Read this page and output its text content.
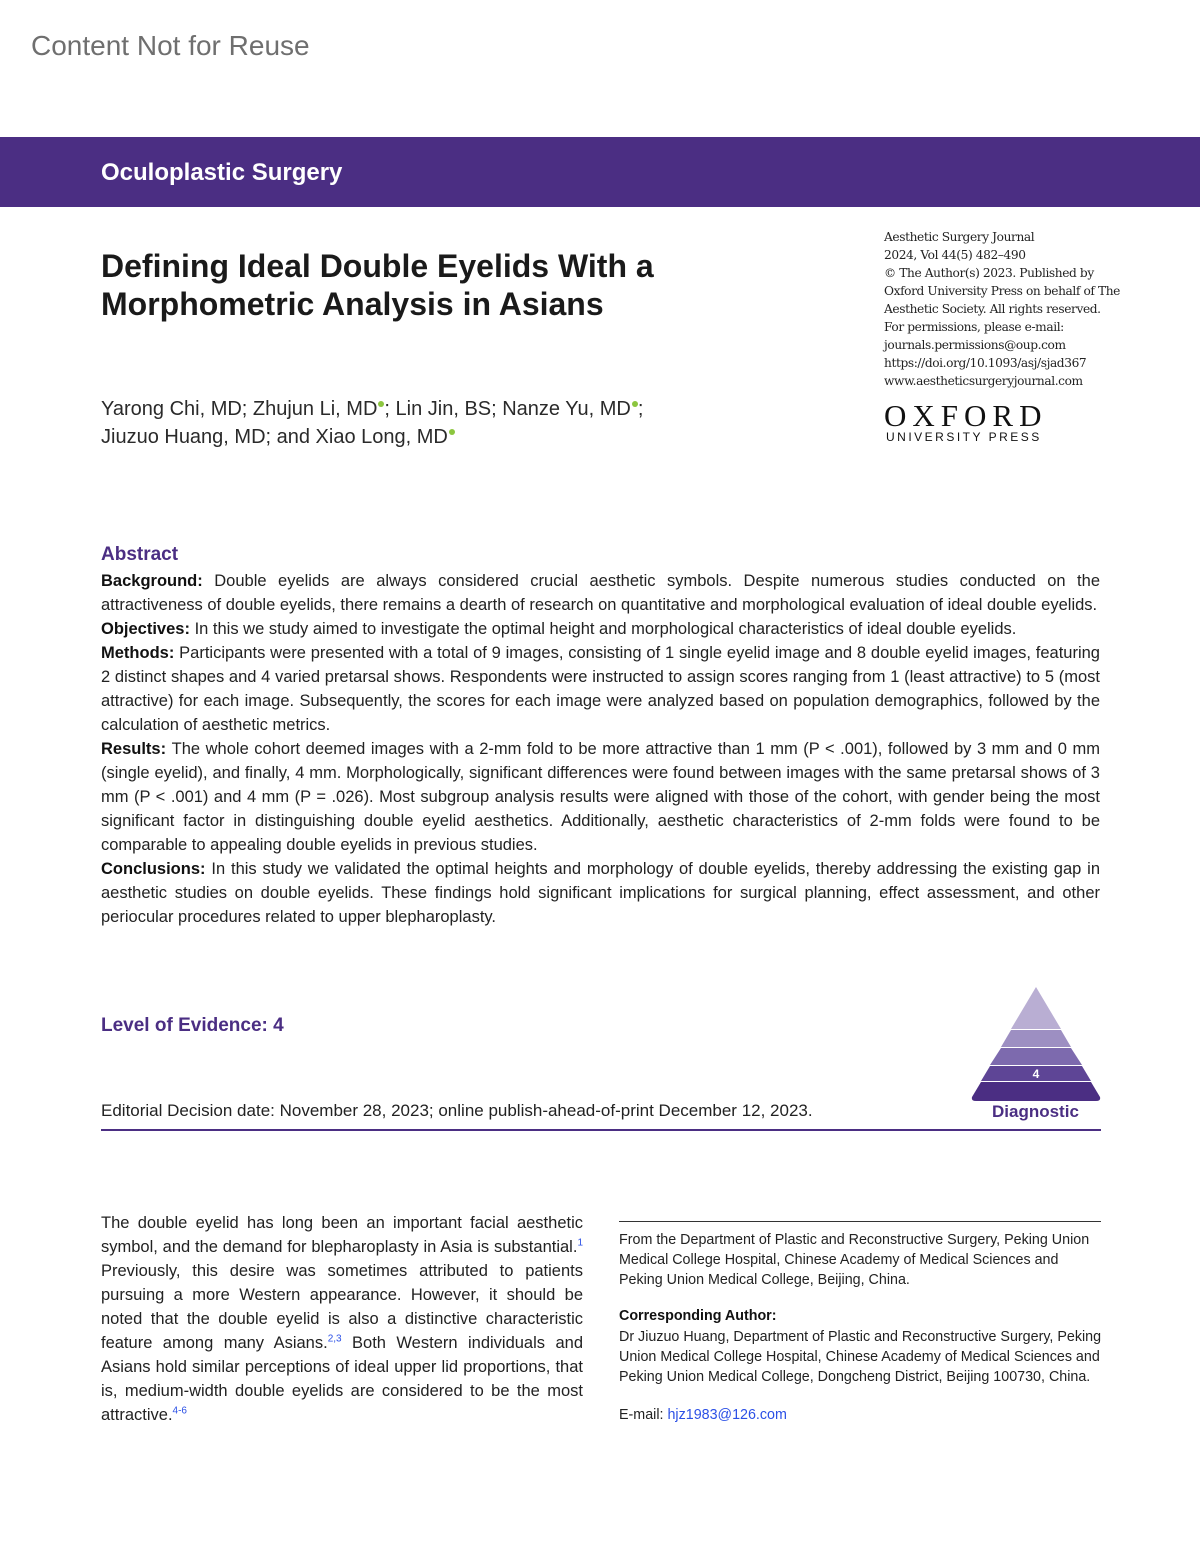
Content Not for Reuse
Oculoplastic Surgery
Defining Ideal Double Eyelids With a Morphometric Analysis in Asians
Aesthetic Surgery Journal
2024, Vol 44(5) 482–490
© The Author(s) 2023. Published by
Oxford University Press on behalf of The
Aesthetic Society. All rights reserved.
For permissions, please e-mail:
journals.permissions@oup.com
https://doi.org/10.1093/asj/sjad367
www.aestheticsurgeryjournal.com
OXFORD
UNIVERSITY PRESS
Yarong Chi, MD; Zhujun Li, MD ; Lin Jin, BS; Nanze Yu, MD ;
Jiuzuo Huang, MD; and Xiao Long, MD
Abstract

Background: Double eyelids are always considered crucial aesthetic symbols. Despite numerous studies conducted on the attractiveness of double eyelids, there remains a dearth of research on quantitative and morphological evaluation of ideal double eyelids.

Objectives: In this we study aimed to investigate the optimal height and morphological characteristics of ideal double eyelids.

Methods: Participants were presented with a total of 9 images, consisting of 1 single eyelid image and 8 double eyelid images, featuring 2 distinct shapes and 4 varied pretarsal shows. Respondents were instructed to assign scores ranging from 1 (least attractive) to 5 (most attractive) for each image. Subsequently, the scores for each image were analyzed based on population demographics, followed by the calculation of aesthetic metrics.

Results: The whole cohort deemed images with a 2-mm fold to be more attractive than 1 mm (P < .001), followed by 3 mm and 0 mm (single eyelid), and finally, 4 mm. Morphologically, significant differences were found between images with the same pretarsal shows of 3 mm (P < .001) and 4 mm (P = .026). Most subgroup analysis results were aligned with those of the cohort, with gender being the most significant factor in distinguishing double eyelid aesthetics. Additionally, aesthetic characteristics of 2-mm folds were found to be comparable to appealing double eyelids in previous studies.

Conclusions: In this study we validated the optimal heights and morphology of double eyelids, thereby addressing the existing gap in aesthetic studies on double eyelids. These findings hold significant implications for surgical planning, effect assessment, and other periocular procedures related to upper blepharoplasty.

Level of Evidence: 4
4
Diagnostic
Editorial Decision date: November 28, 2023; online publish-ahead-of-print December 12, 2023.
The double eyelid has long been an important facial aesthetic symbol, and the demand for blepharoplasty in Asia is substantial.$^1$ Previously, this desire was sometimes attributed to patients pursuing a more Western appearance. However, it should be noted that the double eyelid is also a distinctive characteristic feature among many Asians.$^{2,3}$ Both Western individuals and Asians hold similar perceptions of ideal upper lid proportions, that is, medium-width double eyelids are considered to be the most attractive.$^{4-6}$
From the Department of Plastic and Reconstructive Surgery, Peking Union Medical College Hospital, Chinese Academy of Medical Sciences and Peking Union Medical College, Beijing, China.
Corresponding Author:
Dr Jiuzuo Huang, Department of Plastic and Reconstructive Surgery, Peking Union Medical College Hospital, Chinese Academy of Medical Sciences and Peking Union Medical College, Dongcheng District, Beijing 100730, China.
E-mail: hjz1983@126.com
